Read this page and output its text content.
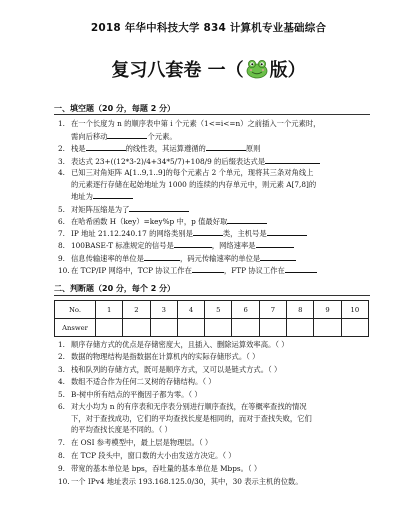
2018 年华中科技大学 834 计算机专业基础综合
复习八套卷 一（ 版）
一、填空题（20 分，每题 2 分）
1. 在一个长度为 n 的顺序表中第 i 个元素（1<=i<=n）之前插入一个元素时，
需向后移动	个元素。
2. 栈是	的线性表，其运算遵循的	原则
3. 表达式 23+((12*3-2)/4+34*5/7)+108/9 的后缀表达式是
4. 已知三对角矩阵 A[1..9,1..9]的每个元素占 2 个单元，现将其三条对角线上
的元素逐行存储在起始地址为 1000 的连续的内存单元中，则元素 A[7,8]的
地址为
5. 对矩阵压缩是为了
6. 在哈希函数 H（key）=key%p 中，p 值最好取
7. IP 地址 21.12.240.17 的网络类别是	类，主机号是
8. 100BASE-T 标准规定的信号是	，网络速率是
9. 信息传输速率的单位是	，码元传输速率的单位是
10.在 TCP/IP 网络中，TCP 协议工作在	，FTP 协议工作在
二、判断题（20 分，每个 2 分）
No.	1	2	3	4	5	6	7	8	9	10
Answer										
1. 顺序存储方式的优点是存储密度大，且插入、删除运算效率高。（ ）
2. 数据的物理结构是指数据在计算机内的实际存储形式。（ ）
3. 栈和队列的存储方式，既可是顺序方式，又可以是链式方式。（ ）
4. 数组不适合作为任何二叉树的存储结构。（ ）
5. B-树中所有结点的平衡因子都为零。（ ）
6. 对大小均为 n 的有序表和无序表分别进行顺序查找，在等概率查找的情况
下，对于查找成功，它们的平均查找长度是相同的，而对于查找失败，它们
的平均查找长度是不同的。（ ）
7. 在 OSI 参考模型中，最上层是物理层。（ ）
8. 在 TCP 段头中，窗口数的大小由发送方决定。（ ）
9. 带宽的基本单位是 bps，吞吐量的基本单位是 Mbps。（ ）
10.一个 IPv4 地址表示 193.168.125.0/30，其中，30 表示主机的位数。
